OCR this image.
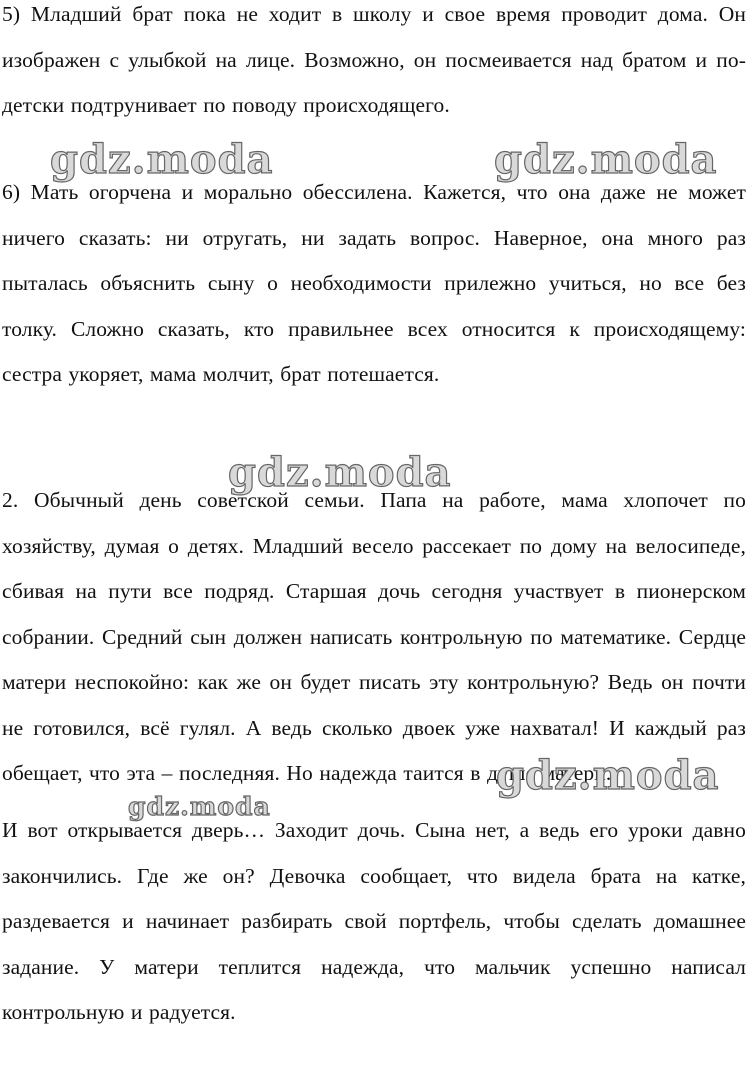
5) Младший брат пока не ходит в школу и свое время проводит дома. Он изображен с улыбкой на лице. Возможно, он посмеивается над братом и по-детски подтрунивает по поводу происходящего.

6) Мать огорчена и морально обессилена. Кажется, что она даже не может ничего сказать: ни отругать, ни задать вопрос. Наверное, она много раз пыталась объяснить сыну о необходимости прилежно учиться, но все без толку. Сложно сказать, кто правильнее всех относится к происходящему: сестра укоряет, мама молчит, брат потешается.

2. Обычный день советской семьи. Папа на работе, мама хлопочет по хозяйству, думая о детях. Младший весело рассекает по дому на велосипеде, сбивая на пути все подряд. Старшая дочь сегодня участвует в пионерском собрании. Средний сын должен написать контрольную по математике. Сердце матери неспокойно: как же он будет писать эту контрольную? Ведь он почти не готовился, всё гулял. А ведь сколько двоек уже нахватал! И каждый раз обещает, что эта – последняя. Но надежда таится в душе матери.

И вот открывается дверь… Заходит дочь. Сына нет, а ведь его уроки давно закончились. Где же он? Девочка сообщает, что видела брата на катке, раздевается и начинает разбирать свой портфель, чтобы сделать домашнее задание. У матери теплится надежда, что мальчик успешно написал контрольную и радуется.

gdz.moda	gdz.moda
gdz.moda
gdz.moda
gdz.moda
